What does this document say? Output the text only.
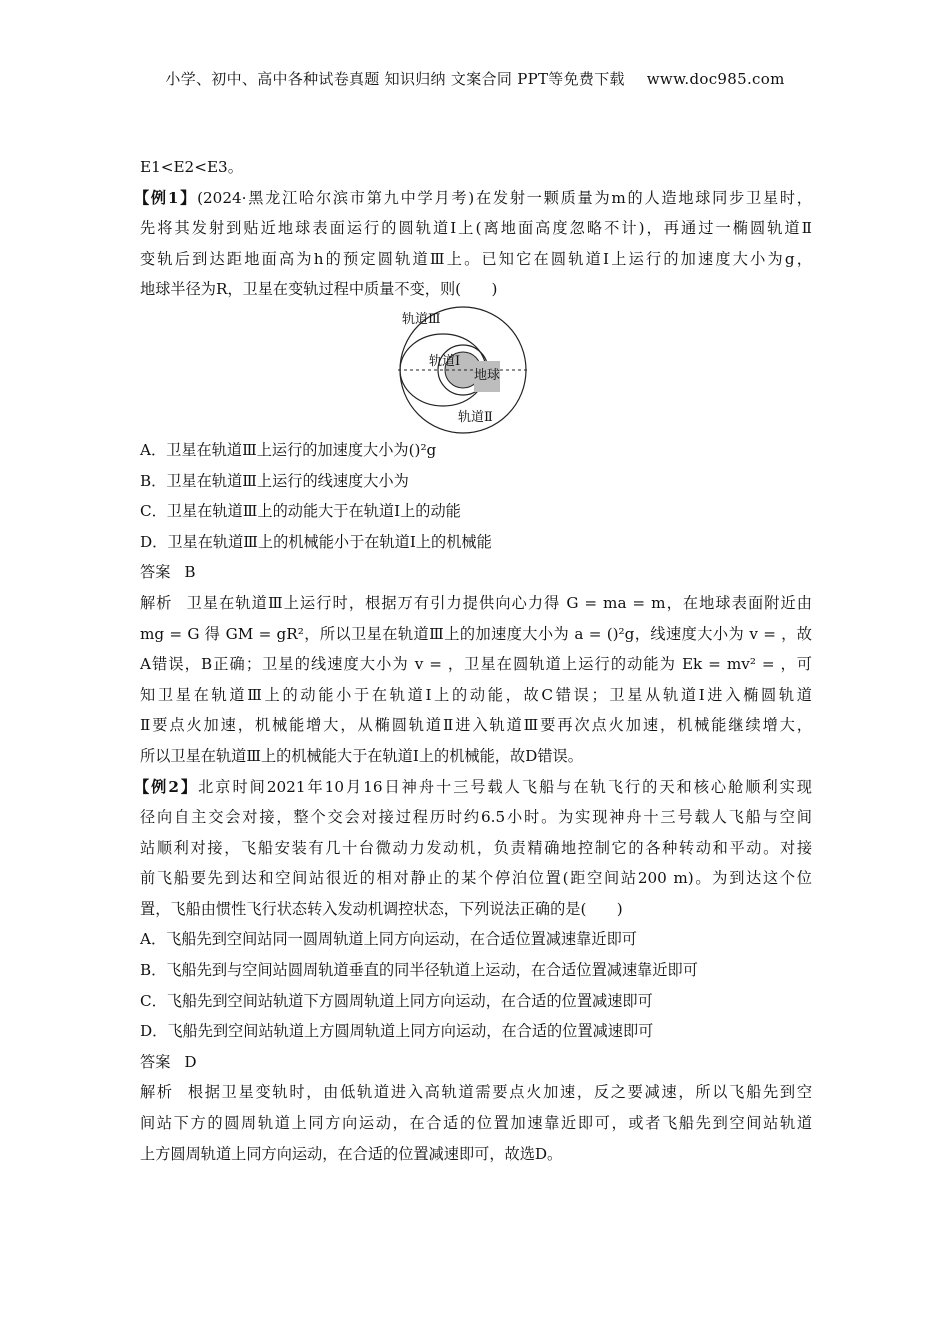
小学、初中、高中各种试卷真题 知识归纳 文案合同 PPT等免费下载 www.doc985.com
E1<E2<E3。
【例1】(2024·黑龙江哈尔滨市第九中学月考)在发射一颗质量为m的人造地球同步卫星时，
先将其发射到贴近地球表面运行的圆轨道Ⅰ上(离地面高度忽略不计)，再通过一椭圆轨道Ⅱ
变轨后到达距地面高为h的预定圆轨道Ⅲ上。已知它在圆轨道Ⅰ上运行的加速度大小为g，
地球半径为R，卫星在变轨过程中质量不变，则(　　)
轨道Ⅲ
轨道Ⅰ
地球
轨道Ⅱ
A．卫星在轨道Ⅲ上运行的加速度大小为()²g
B．卫星在轨道Ⅲ上运行的线速度大小为
C．卫星在轨道Ⅲ上的动能大于在轨道Ⅰ上的动能
D．卫星在轨道Ⅲ上的机械能小于在轨道Ⅰ上的机械能
答案 B
解析 卫星在轨道Ⅲ上运行时，根据万有引力提供向心力得 G = ma = m，在地球表面附近由
mg = G 得 GM = gR²，所以卫星在轨道Ⅲ上的加速度大小为 a = ()²g，线速度大小为 v = ，故
A错误，B正确；卫星的线速度大小为 v = ，卫星在圆轨道上运行的动能为 Ek = mv² = ，可
知卫星在轨道Ⅲ上的动能小于在轨道Ⅰ上的动能，故C错误；卫星从轨道Ⅰ进入椭圆轨道
Ⅱ要点火加速，机械能增大，从椭圆轨道Ⅱ进入轨道Ⅲ要再次点火加速，机械能继续增大，
所以卫星在轨道Ⅲ上的机械能大于在轨道Ⅰ上的机械能，故D错误。
【例2】北京时间2021年10月16日神舟十三号载人飞船与在轨飞行的天和核心舱顺利实现
径向自主交会对接，整个交会对接过程历时约6.5小时。为实现神舟十三号载人飞船与空间
站顺利对接，飞船安装有几十台微动力发动机，负责精确地控制它的各种转动和平动。对接
前飞船要先到达和空间站很近的相对静止的某个停泊位置(距空间站200 m)。为到达这个位
置，飞船由惯性飞行状态转入发动机调控状态，下列说法正确的是(　　)
A．飞船先到空间站同一圆周轨道上同方向运动，在合适位置减速靠近即可
B．飞船先到与空间站圆周轨道垂直的同半径轨道上运动，在合适位置减速靠近即可
C．飞船先到空间站轨道下方圆周轨道上同方向运动，在合适的位置减速即可
D．飞船先到空间站轨道上方圆周轨道上同方向运动，在合适的位置减速即可
答案 D
解析 根据卫星变轨时，由低轨道进入高轨道需要点火加速，反之要减速，所以飞船先到空
间站下方的圆周轨道上同方向运动，在合适的位置加速靠近即可，或者飞船先到空间站轨道
上方圆周轨道上同方向运动，在合适的位置减速即可，故选D。
